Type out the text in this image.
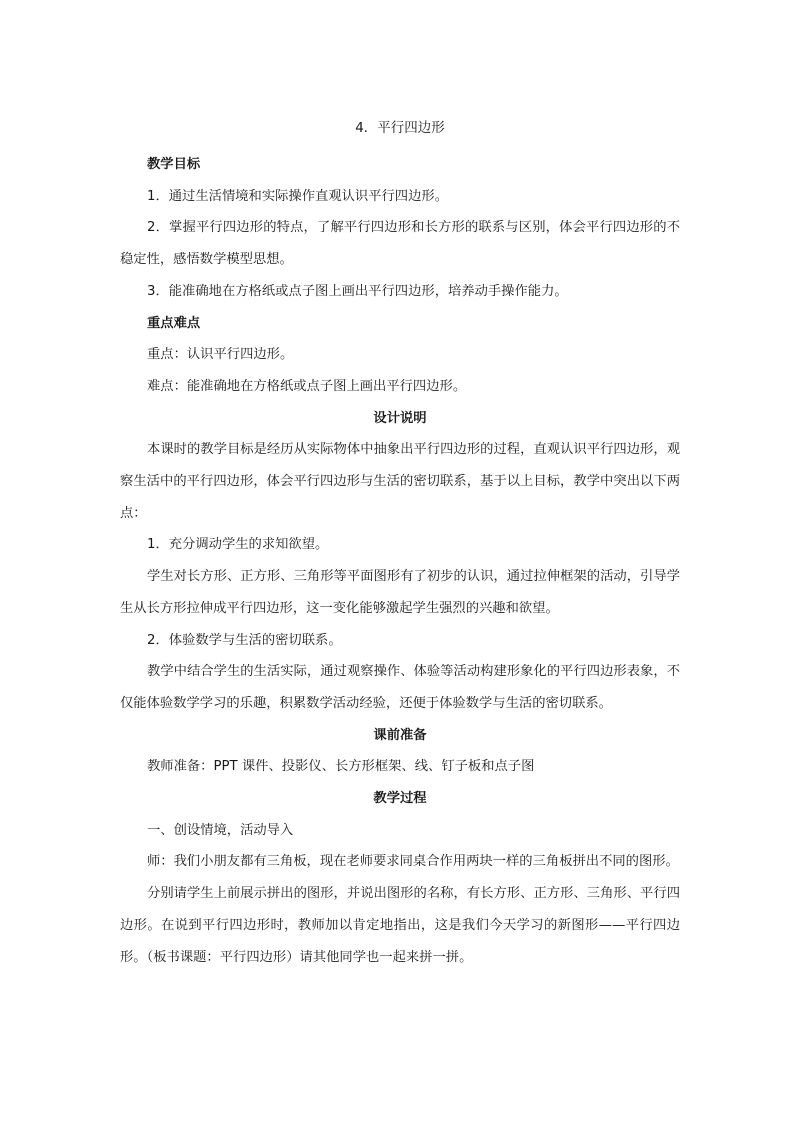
4．平行四边形

教学目标

1．通过生活情境和实际操作直观认识平行四边形。

2．掌握平行四边形的特点，了解平行四边形和长方形的联系与区别，体会平行四边形的不稳定性，感悟数学模型思想。

3．能准确地在方格纸或点子图上画出平行四边形，培养动手操作能力。

重点难点

重点：认识平行四边形。

难点：能准确地在方格纸或点子图上画出平行四边形。

设计说明

本课时的教学目标是经历从实际物体中抽象出平行四边形的过程，直观认识平行四边形，观察生活中的平行四边形，体会平行四边形与生活的密切联系，基于以上目标，教学中突出以下两点：

1．充分调动学生的求知欲望。

学生对长方形、正方形、三角形等平面图形有了初步的认识，通过拉伸框架的活动，引导学生从长方形拉伸成平行四边形，这一变化能够激起学生强烈的兴趣和欲望。

2．体验数学与生活的密切联系。

教学中结合学生的生活实际，通过观察操作、体验等活动构建形象化的平行四边形表象，不仅能体验数学学习的乐趣，积累数学活动经验，还便于体验数学与生活的密切联系。

课前准备

教师准备：PPT 课件、投影仪、长方形框架、线、钉子板和点子图

教学过程

一、创设情境，活动导入

师：我们小朋友都有三角板，现在老师要求同桌合作用两块一样的三角板拼出不同的图形。

分别请学生上前展示拼出的图形，并说出图形的名称，有长方形、正方形、三角形、平行四边形。在说到平行四边形时，教师加以肯定地指出，这是我们今天学习的新图形——平行四边形。（板书课题：平行四边形）请其他同学也一起来拼一拼。
